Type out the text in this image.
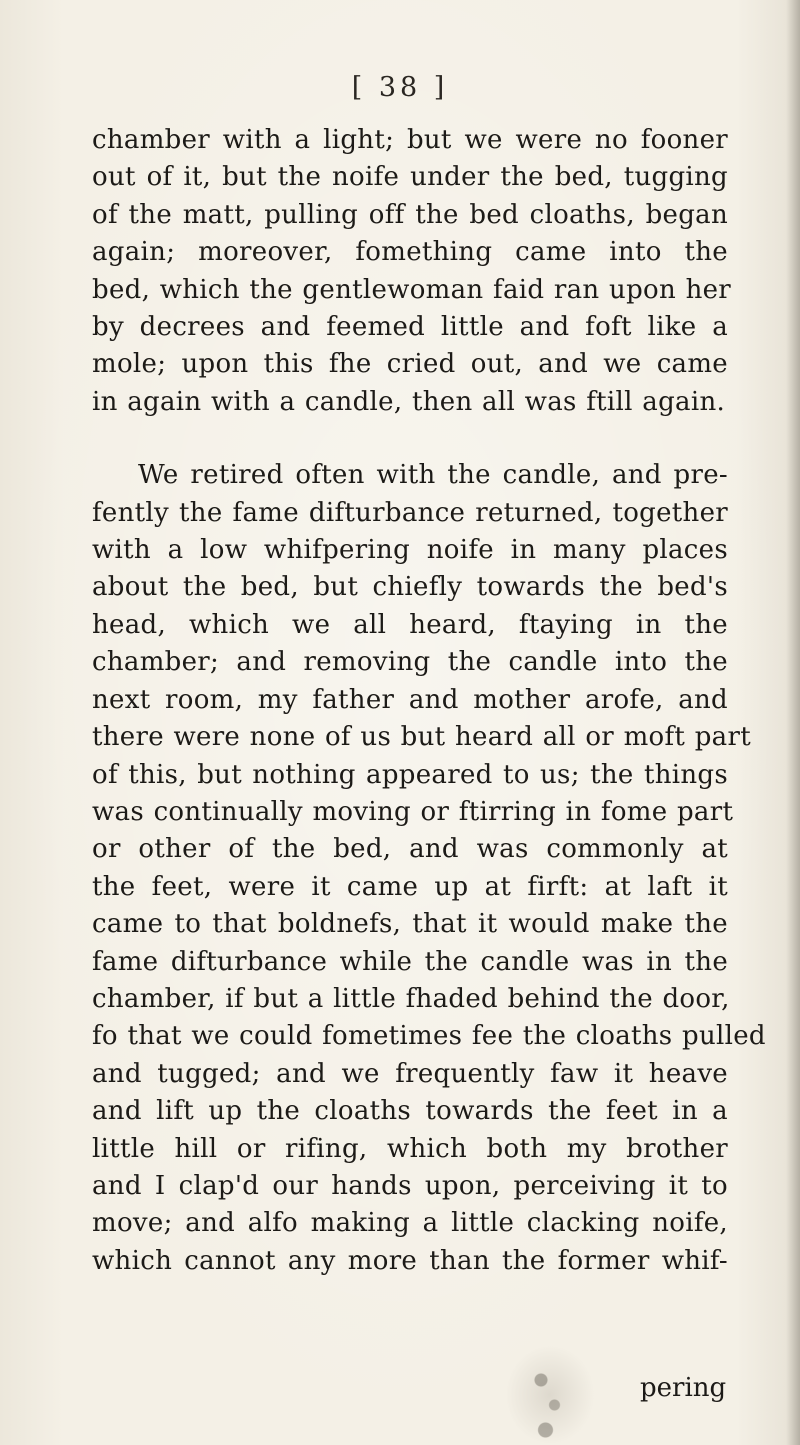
[ 38 ]
chamber with a light; but we were no fooner
out of it, but the noife under the bed, tugging
of the matt, pulling off the bed cloaths, began
again; moreover, fomething came into the
bed, which the gentlewoman faid ran upon her
by decrees and feemed little and foft like a
mole; upon this fhe cried out, and we came
in again with a candle, then all was ftill again.
We retired often with the candle, and pre-
fently the fame difturbance returned, together
with a low whifpering noife in many places
about the bed, but chiefly towards the bed's
head, which we all heard, ftaying in the
chamber; and removing the candle into the
next room, my father and mother arofe, and
there were none of us but heard all or moft part
of this, but nothing appeared to us; the things
was continually moving or ftirring in fome part
or other of the bed, and was commonly at
the feet, were it came up at firft: at laft it
came to that boldnefs, that it would make the
fame difturbance while the candle was in the
chamber, if but a little fhaded behind the door,
fo that we could fometimes fee the cloaths pulled
and tugged; and we frequently faw it heave
and lift up the cloaths towards the feet in a
little hill or rifing, which both my brother
and I clap'd our hands upon, perceiving it to
move; and alfo making a little clacking noife,
which cannot any more than the former whif-
pering
